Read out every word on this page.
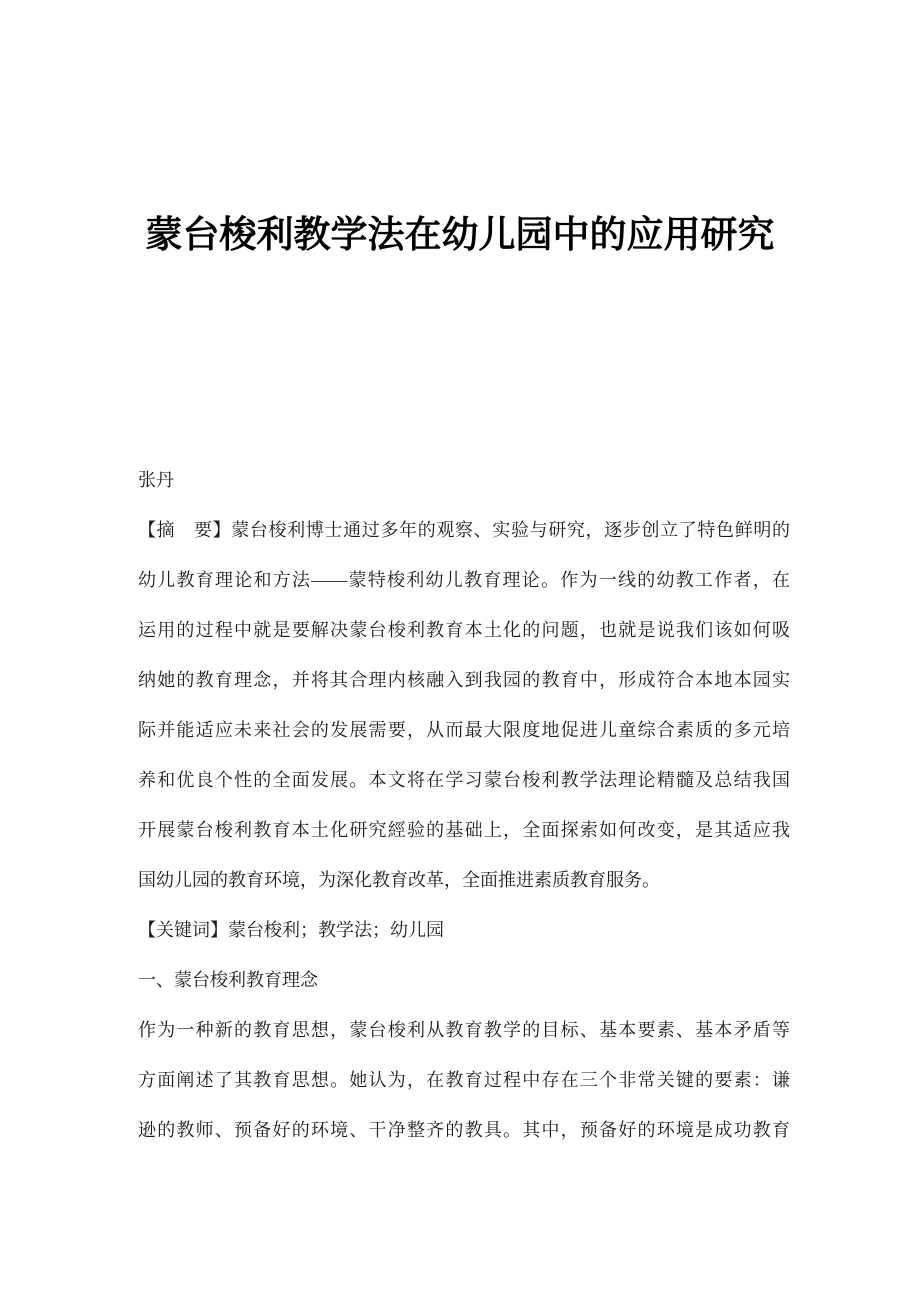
蒙台梭利教学法在幼儿园中的应用研究
张丹
【摘　要】蒙台梭利博士通过多年的观察、实验与研究，逐步创立了特色鲜明的
幼儿教育理论和方法——蒙特梭利幼儿教育理论。作为一线的幼教工作者，在
运用的过程中就是要解决蒙台梭利教育本土化的问题，也就是说我们该如何吸
纳她的教育理念，并将其合理内核融入到我园的教育中，形成符合本地本园实
际并能适应未来社会的发展需要，从而最大限度地促进儿童综合素质的多元培
养和优良个性的全面发展。本文将在学习蒙台梭利教学法理论精髓及总结我国
开展蒙台梭利教育本土化研究經验的基础上，全面探索如何改变，是其适应我
国幼儿园的教育环境，为深化教育改革，全面推进素质教育服务。
【关键词】蒙台梭利；教学法；幼儿园
一、蒙台梭利教育理念
作为一种新的教育思想，蒙台梭利从教育教学的目标、基本要素、基本矛盾等
方面阐述了其教育思想。她认为，在教育过程中存在三个非常关键的要素：谦
逊的教师、预备好的环境、干净整齐的教具。其中，预备好的环境是成功教育
